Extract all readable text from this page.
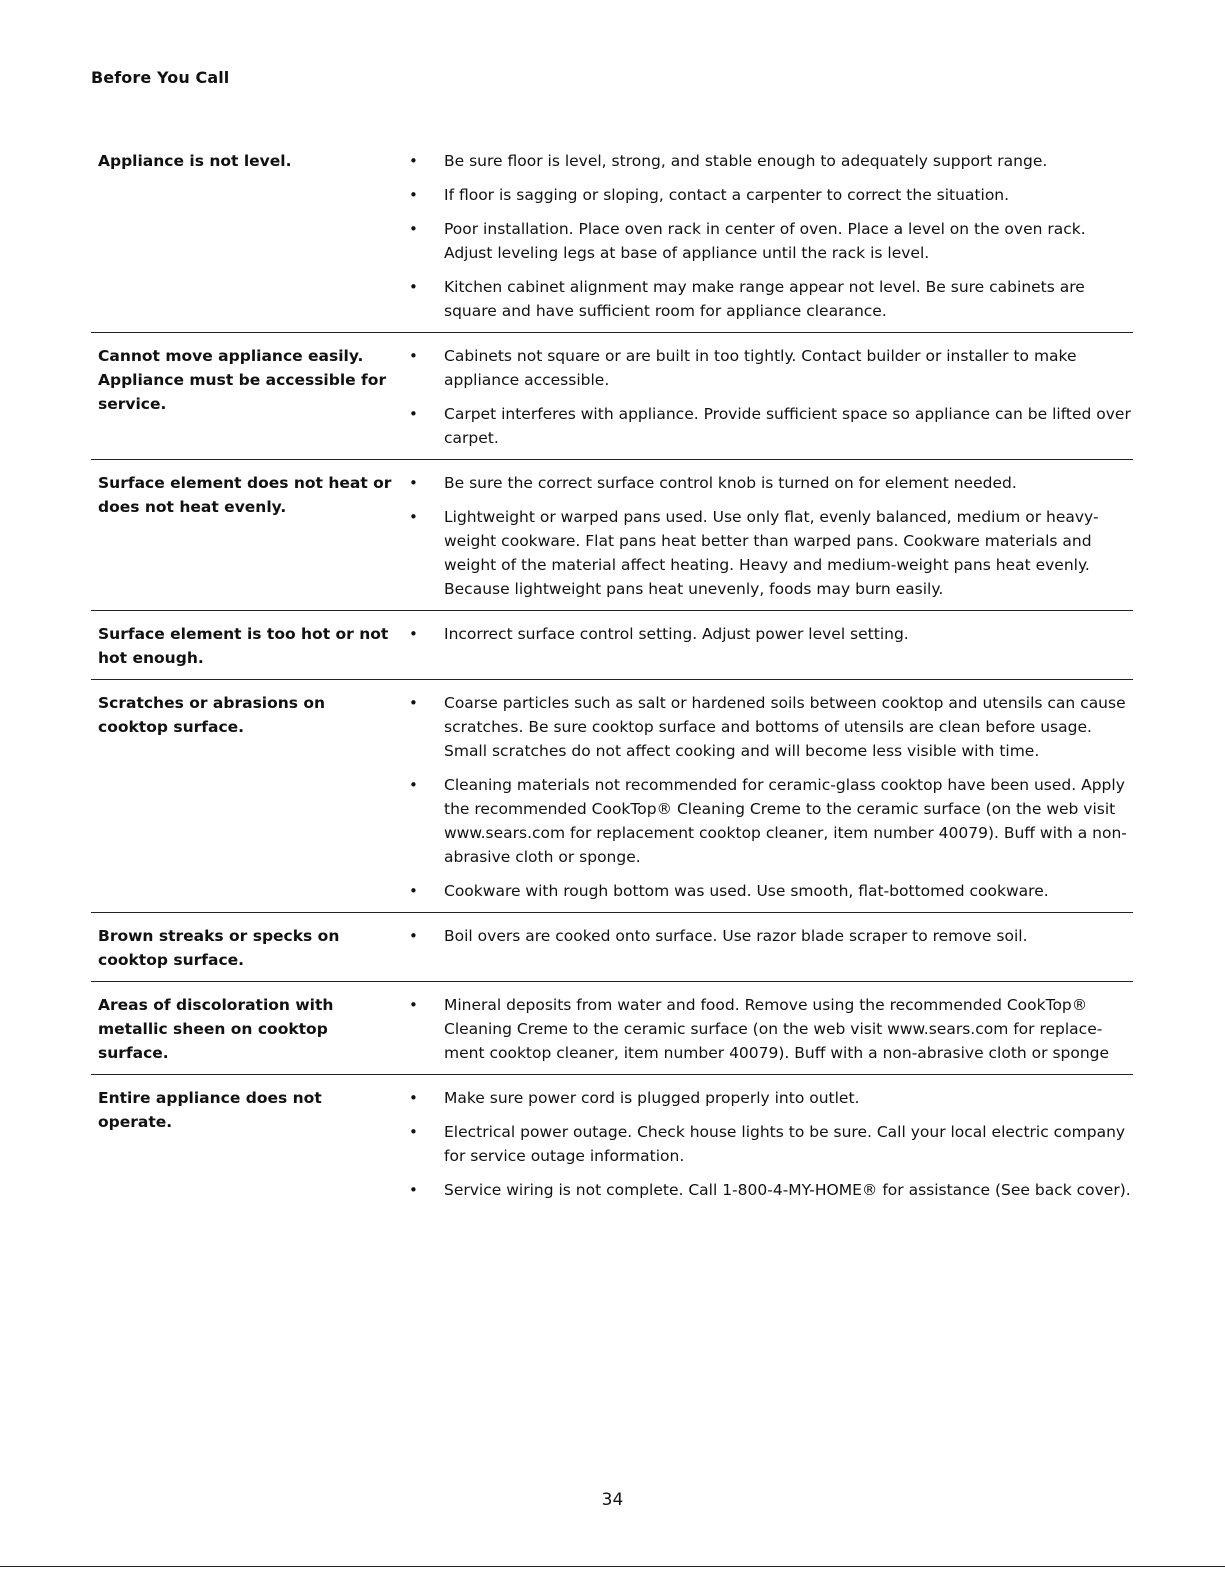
Before You Call
Appliance is not level.	• Be sure floor is level, strong, and stable enough to adequately support range.
• If floor is sagging or sloping, contact a carpenter to correct the situation.
• Poor installation. Place oven rack in center of oven. Place a level on the oven rack. Adjust leveling legs at base of appliance until the rack is level.
• Kitchen cabinet alignment may make range appear not level. Be sure cabinets are square and have sufficient room for appliance clearance.
Cannot move appliance easily. Appliance must be accessible for service.
• Cabinets not square or are built in too tightly. Contact builder or installer to make appliance accessible.
• Carpet interferes with appliance. Provide sufficient space so appliance can be lifted over carpet.
Surface element does not heat or does not heat evenly.
• Be sure the correct surface control knob is turned on for element needed.
• Lightweight or warped pans used. Use only flat, evenly balanced, medium or heavy-weight cookware. Flat pans heat better than warped pans. Cookware materials and weight of the material affect heating. Heavy and medium-weight pans heat evenly. Because lightweight pans heat unevenly, foods may burn easily.
Surface element is too hot or not hot enough.
• Incorrect surface control setting. Adjust power level setting.
Scratches or abrasions on cooktop surface.
• Coarse particles such as salt or hardened soils between cooktop and utensils can cause scratches. Be sure cooktop surface and bottoms of utensils are clean before usage. Small scratches do not affect cooking and will become less visible with time.
• Cleaning materials not recommended for ceramic-glass cooktop have been used. Apply the recommended CookTop® Cleaning Creme to the ceramic surface (on the web visit www.sears.com for replacement cooktop cleaner, item number 40079). Buff with a non-abrasive cloth or sponge.
• Cookware with rough bottom was used. Use smooth, flat-bottomed cookware.
Brown streaks or specks on cooktop surface.
• Boil overs are cooked onto surface. Use razor blade scraper to remove soil.
Areas of discoloration with metallic sheen on cooktop surface.
• Mineral deposits from water and food. Remove using the recommended CookTop® Cleaning Creme to the ceramic surface (on the web visit www.sears.com for replace-ment cooktop cleaner, item number 40079). Buff with a non-abrasive cloth or sponge
Entire appliance does not operate.
• Make sure power cord is plugged properly into outlet.
• Electrical power outage. Check house lights to be sure. Call your local electric company for service outage information.
• Service wiring is not complete. Call 1-800-4-MY-HOME® for assistance (See back cover).
34
